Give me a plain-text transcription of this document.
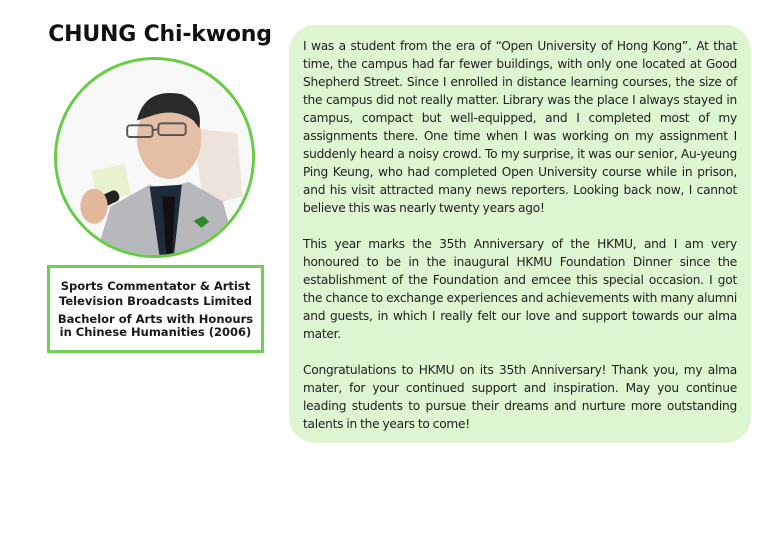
CHUNG Chi-kwong
Sports Commentator & Artist
Television Broadcasts Limited
Bachelor of Arts with Honours
in Chinese Humanities (2006)

I was a student from the era of “Open University of Hong Kong”. At that time, the campus had far fewer buildings, with only one located at Good Shepherd Street. Since I enrolled in distance learning courses, the size of the campus did not really matter. Library was the place I always stayed in campus, compact but well-equipped, and I completed most of my assignments there. One time when I was working on my assignment I suddenly heard a noisy crowd. To my surprise, it was our senior, Au-yeung Ping Keung, who had completed Open University course while in prison, and his visit attracted many news reporters. Looking back now, I cannot believe this was nearly twenty years ago!

This year marks the 35th Anniversary of the HKMU, and I am very honoured to be in the inaugural HKMU Foundation Dinner since the establishment of the Foundation and emcee this special occasion. I got the chance to exchange experiences and achievements with many alumni and guests, in which I really felt our love and support towards our alma mater.

Congratulations to HKMU on its 35th Anniversary! Thank you, my alma mater, for your continued support and inspiration. May you continue leading students to pursue their dreams and nurture more outstanding talents in the years to come!
